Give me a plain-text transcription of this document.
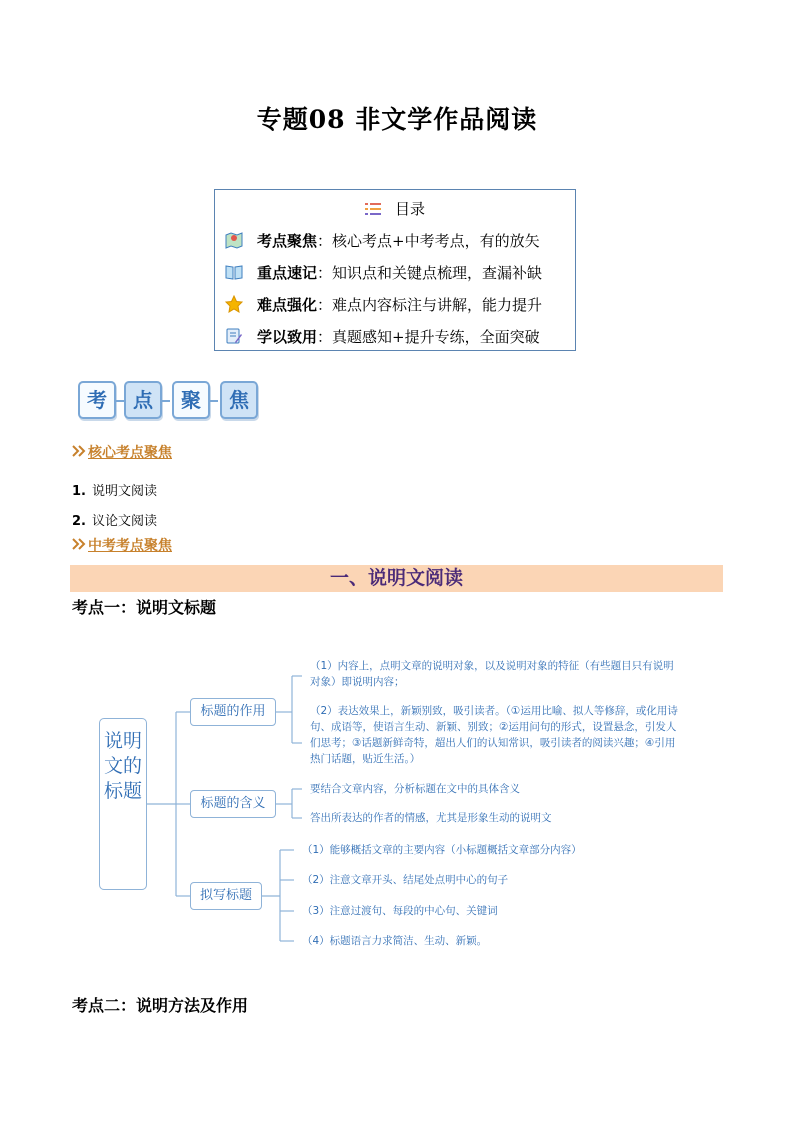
专题08 非文学作品阅读
目录
考点聚焦：核心考点+中考考点，有的放矢
重点速记：知识点和关键点梳理，查漏补缺
难点强化：难点内容标注与讲解，能力提升
学以致用：真题感知+提升专练，全面突破
考	点	聚	焦
核心考点聚焦
1. 说明文阅读
2. 议论文阅读
中考考点聚焦
一、说明文阅读
考点一：说明文标题
说明文的标题
标题的作用
标题的含义
拟写标题
（1）内容上，点明文章的说明对象，以及说明对象的特征（有些题目只有说明对象）即说明内容；
（2）表达效果上，新颖别致，吸引读者。（①运用比喻、拟人等修辞，或化用诗句、成语等，使语言生动、新颖、别致；②运用问句的形式，设置悬念，引发人们思考；③话题新鲜奇特，超出人们的认知常识，吸引读者的阅读兴趣；④引用热门话题，贴近生活。）
要结合文章内容，分析标题在文中的具体含义
答出所表达的作者的情感，尤其是形象生动的说明文
（1）能够概括文章的主要内容（小标题概括文章部分内容）
（2）注意文章开头、结尾处点明中心的句子
（3）注意过渡句、每段的中心句、关键词
（4）标题语言力求简洁、生动、新颖。
考点二：说明方法及作用
